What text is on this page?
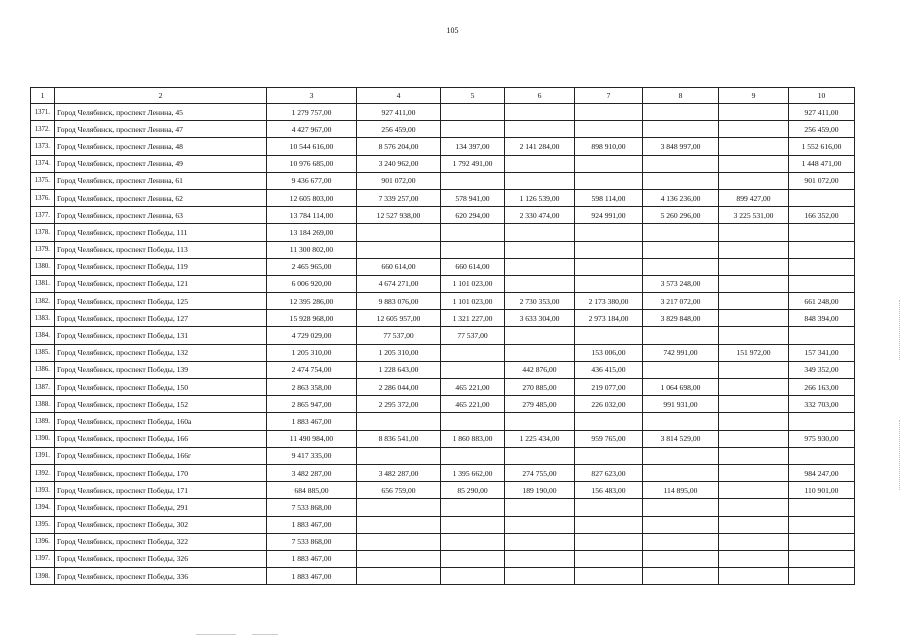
105
1	2	3	4	5	6	7	8	9	10
1371.	Город Челябинск, проспект Ленина, 45	1 279 757,00	927 411,00						927 411,00
1372.	Город Челябинск, проспект Ленина, 47	4 427 967,00	256 459,00						256 459,00
1373.	Город Челябинск, проспект Ленина, 48	10 544 616,00	8 576 204,00	134 397,00	2 141 284,00	898 910,00	3 848 997,00		1 552 616,00
1374.	Город Челябинск, проспект Ленина, 49	10 976 685,00	3 240 962,00	1 792 491,00					1 448 471,00
1375.	Город Челябинск, проспект Ленина, 61	9 436 677,00	901 072,00						901 072,00
1376.	Город Челябинск, проспект Ленина, 62	12 605 803,00	7 339 257,00	578 941,00	1 126 539,00	598 114,00	4 136 236,00	899 427,00	
1377.	Город Челябинск, проспект Ленина, 63	13 784 114,00	12 527 938,00	620 294,00	2 330 474,00	924 991,00	5 260 296,00	3 225 531,00	166 352,00
1378.	Город Челябинск, проспект Победы, 111	13 184 269,00							
1379.	Город Челябинск, проспект Победы, 113	11 300 802,00							
1380.	Город Челябинск, проспект Победы, 119	2 465 965,00	660 614,00	660 614,00					
1381.	Город Челябинск, проспект Победы, 121	6 006 920,00	4 674 271,00	1 101 023,00			3 573 248,00		
1382.	Город Челябинск, проспект Победы, 125	12 395 286,00	9 883 076,00	1 101 023,00	2 730 353,00	2 173 380,00	3 217 072,00		661 248,00
1383.	Город Челябинск, проспект Победы, 127	15 928 968,00	12 605 957,00	1 321 227,00	3 633 304,00	2 973 184,00	3 829 848,00		848 394,00
1384.	Город Челябинск, проспект Победы, 131	4 729 029,00	77 537,00	77 537,00					
1385.	Город Челябинск, проспект Победы, 132	1 205 310,00	1 205 310,00			153 006,00	742 991,00	151 972,00	157 341,00
1386.	Город Челябинск, проспект Победы, 139	2 474 754,00	1 228 643,00		442 876,00	436 415,00			349 352,00
1387.	Город Челябинск, проспект Победы, 150	2 863 358,00	2 286 044,00	465 221,00	270 885,00	219 077,00	1 064 698,00		266 163,00
1388.	Город Челябинск, проспект Победы, 152	2 865 947,00	2 295 372,00	465 221,00	279 485,00	226 032,00	991 931,00		332 703,00
1389.	Город Челябинск, проспект Победы, 160а	1 883 467,00							
1390.	Город Челябинск, проспект Победы, 166	11 490 984,00	8 836 541,00	1 860 883,00	1 225 434,00	959 765,00	3 814 529,00		975 930,00
1391.	Город Челябинск, проспект Победы, 166г	9 417 335,00							
1392.	Город Челябинск, проспект Победы, 170	3 482 287,00	3 482 287,00	1 395 662,00	274 755,00	827 623,00			984 247,00
1393.	Город Челябинск, проспект Победы, 171	684 885,00	656 759,00	85 290,00	189 190,00	156 483,00	114 895,00		110 901,00
1394.	Город Челябинск, проспект Победы, 291	7 533 868,00							
1395.	Город Челябинск, проспект Победы, 302	1 883 467,00							
1396.	Город Челябинск, проспект Победы, 322	7 533 868,00							
1397.	Город Челябинск, проспект Победы, 326	1 883 467,00							
1398.	Город Челябинск, проспект Победы, 336	1 883 467,00							
